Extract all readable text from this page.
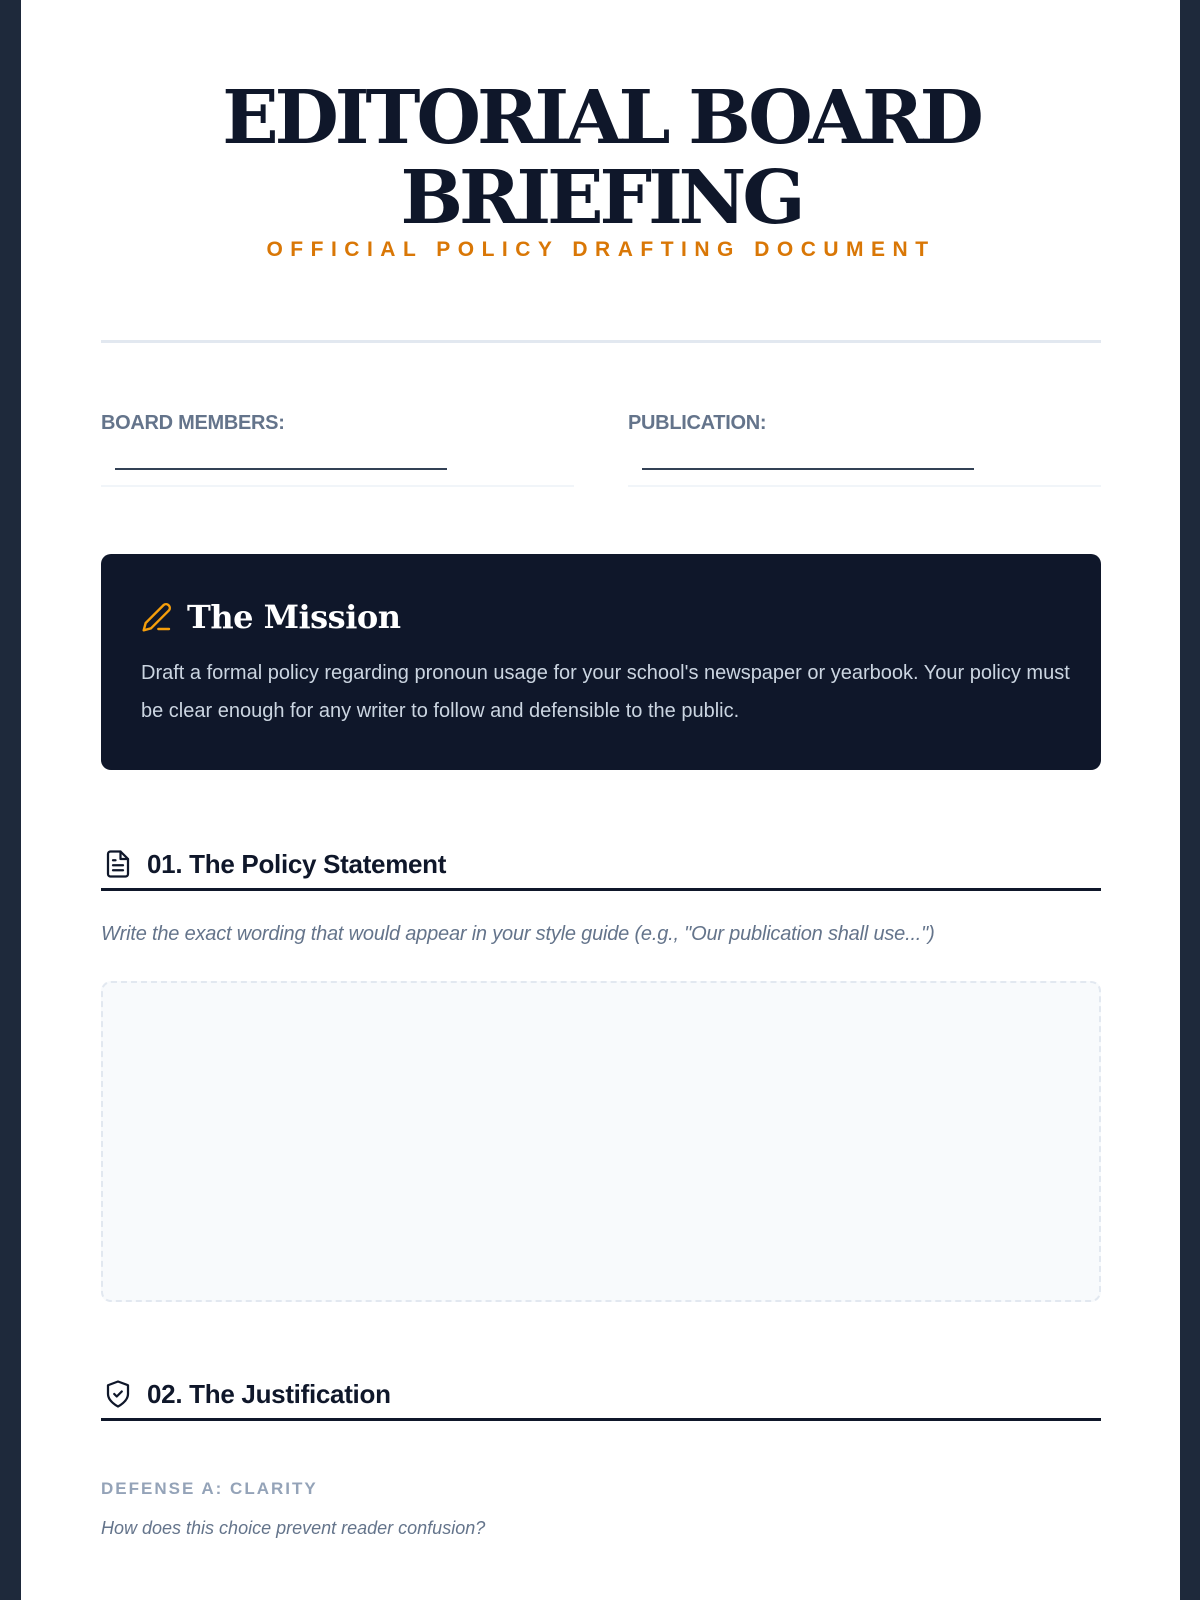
EDITORIAL BOARD
BRIEFING
OFFICIAL POLICY DRAFTING DOCUMENT
BOARD MEMBERS:	PUBLICATION:
The Mission

Draft a formal policy regarding pronoun usage for your school's newspaper or yearbook. Your policy must be clear enough for any writer to follow and defensible to the public.

01. The Policy Statement

Write the exact wording that would appear in your style guide (e.g., "Our publication shall use...")

02. The Justification
DEFENSE A: CLARITY
How does this choice prevent reader confusion?
